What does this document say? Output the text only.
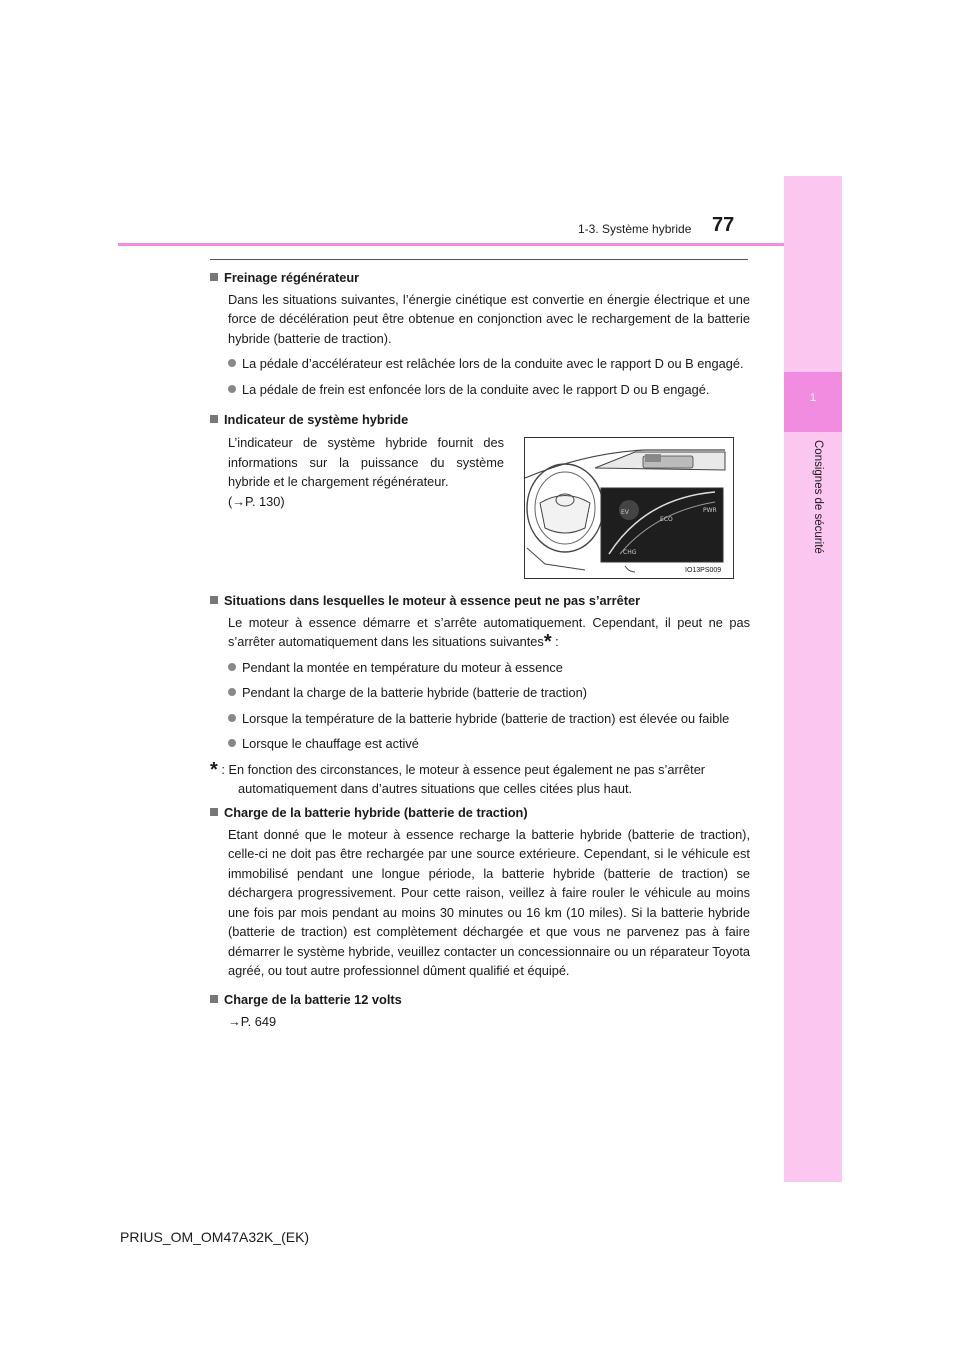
1
Consignes de sécurité
1-3. Système hybride	77
Freinage régénérateur
Dans les situations suivantes, l’énergie cinétique est convertie en énergie électrique et une force de décélération peut être obtenue en conjonction avec le rechargement de la batterie hybride (batterie de traction).
La pédale d’accélérateur est relâchée lors de la conduite avec le rapport D ou B engagé.
La pédale de frein est enfoncée lors de la conduite avec le rapport D ou B engagé.
Indicateur de système hybride
L’indicateur de système hybride fournit des informations sur la puissance du système hybride et le chargement régénérateur.
(→P. 130)
EV
ECO
PWR
CHG
IO13PS009
Situations dans lesquelles le moteur à essence peut ne pas s’arrêter
Le moteur à essence démarre et s’arrête automatiquement. Cependant, il peut ne pas s’arrêter automatiquement dans les situations suivantes* :
Pendant la montée en température du moteur à essence
Pendant la charge de la batterie hybride (batterie de traction)
Lorsque la température de la batterie hybride (batterie de traction) est élevée ou faible
Lorsque le chauffage est activé
* : En fonction des circonstances, le moteur à essence peut également ne pas s’arrêter automatiquement dans d’autres situations que celles citées plus haut.
Charge de la batterie hybride (batterie de traction)
Etant donné que le moteur à essence recharge la batterie hybride (batterie de traction), celle-ci ne doit pas être rechargée par une source extérieure. Cependant, si le véhicule est immobilisé pendant une longue période, la batterie hybride (batterie de traction) se déchargera progressivement. Pour cette raison, veillez à faire rouler le véhicule au moins une fois par mois pendant au moins 30 minutes ou 16 km (10 miles). Si la batterie hybride (batterie de traction) est complètement déchargée et que vous ne parvenez pas à faire démarrer le système hybride, veuillez contacter un concessionnaire ou un réparateur Toyota agréé, ou tout autre professionnel dûment qualifié et équipé.
Charge de la batterie 12 volts
→P. 649
PRIUS_OM_OM47A32K_(EK)
